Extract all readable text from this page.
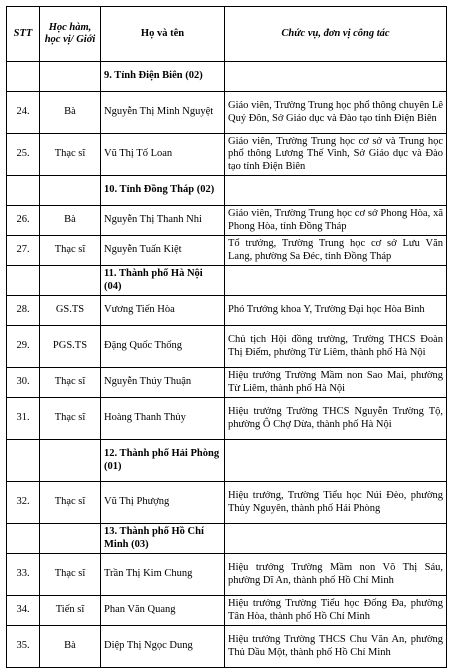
STT	Học hàm, học vị/ Giới	Họ và tên	Chức vụ, đơn vị công tác
		9. Tỉnh Điện Biên (02)	
24.	Bà	Nguyễn Thị Minh Nguyệt	Giáo viên, Trường Trung học phổ thông chuyên Lê Quý Đôn, Sở Giáo dục và Đào tạo tỉnh Điện Biên
25.	Thạc sĩ	Vũ Thị Tố Loan	Giáo viên, Trường Trung học cơ sở và Trung học phổ thông Lương Thế Vinh, Sở Giáo dục và Đào tạo tỉnh Điện Biên
		10. Tỉnh Đồng Tháp (02)	
26.	Bà	Nguyễn Thị Thanh Nhi	Giáo viên, Trường Trung học cơ sở Phong Hòa, xã Phong Hòa, tỉnh Đồng Tháp
27.	Thạc sĩ	Nguyễn Tuấn Kiệt	Tổ trưởng, Trường Trung học cơ sở Lưu Văn Lang, phường Sa Đéc, tỉnh Đồng Tháp
		11. Thành phố Hà Nội (04)	
28.	GS.TS	Vương Tiến Hòa	Phó Trưởng khoa Y, Trường Đại học Hòa Bình
29.	PGS.TS	Đặng Quốc Thống	Chủ tịch Hội đồng trường, Trường THCS Đoàn Thị Điểm, phường Từ Liêm, thành phố Hà Nội
30.	Thạc sĩ	Nguyễn Thúy Thuận	Hiệu trưởng Trường Mầm non Sao Mai, phường Từ Liêm, thành phố Hà Nội
31.	Thạc sĩ	Hoàng Thanh Thủy	Hiệu trưởng Trường THCS Nguyễn Trường Tộ, phường Ô Chợ Dừa, thành phố Hà Nội
		12. Thành phố Hải Phòng (01)	
32.	Thạc sĩ	Vũ Thị Phượng	Hiệu trưởng, Trường Tiểu học Núi Đèo, phường Thủy Nguyên, thành phố Hải Phòng
		13. Thành phố Hồ Chí Minh (03)	
33.	Thạc sĩ	Trần Thị Kim Chung	Hiệu trưởng Trường Mầm non Võ Thị Sáu, phường Dĩ An, thành phố Hồ Chí Minh
34.	Tiến sĩ	Phan Văn Quang	Hiệu trưởng Trường Tiểu học Đống Đa, phường Tân Hòa, thành phố Hồ Chí Minh
35.	Bà	Diệp Thị Ngọc Dung	Hiệu trưởng Trường THCS Chu Văn An, phường Thủ Dầu Một, thành phố Hồ Chí Minh
